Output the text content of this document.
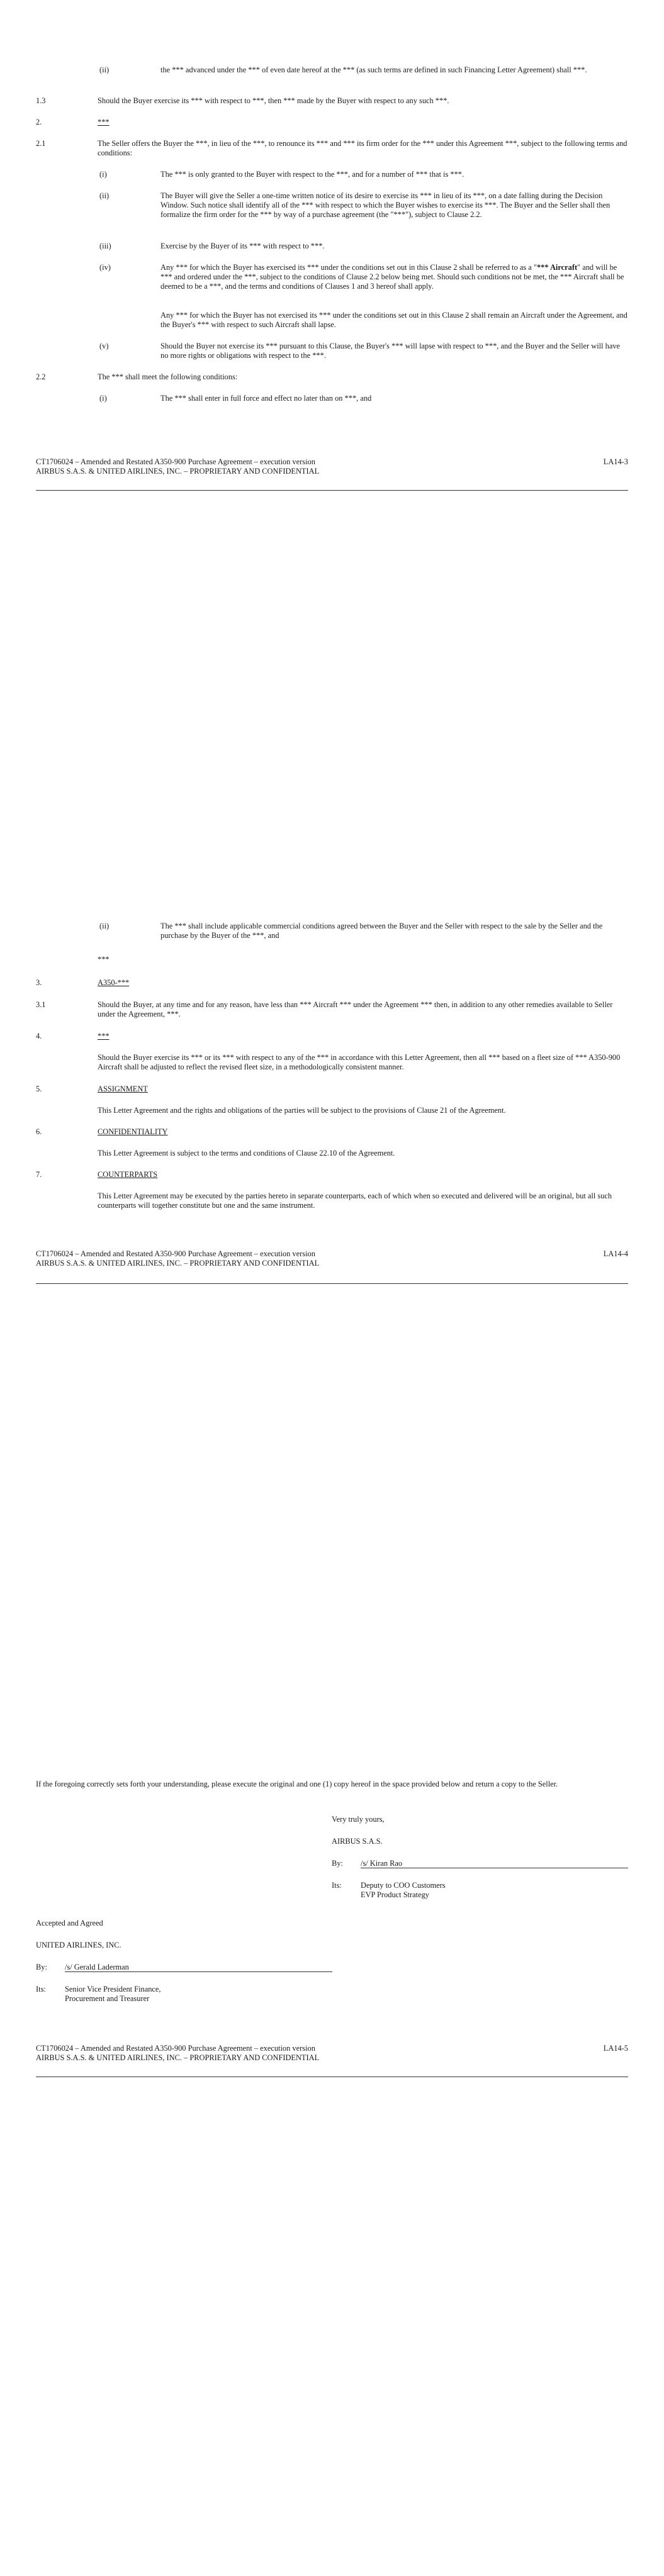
(ii)	the *** advanced under the *** of even date hereof at the *** (as such terms are defined in such Financing Letter Agreement) shall ***.
1.3	Should the Buyer exercise its *** with respect to ***, then *** made by the Buyer with respect to any such ***.
2.	***
2.1	The Seller offers the Buyer the ***, in lieu of the ***, to renounce its *** and *** its firm order for the *** under this Agreement ***, subject to the following terms and conditions:
(i)	The *** is only granted to the Buyer with respect to the ***, and for a number of *** that is ***.
(ii)	The Buyer will give the Seller a one-time written notice of its desire to exercise its *** in lieu of its ***, on a date falling during the Decision Window. Such notice shall identify all of the *** with respect to which the Buyer wishes to exercise its ***. The Buyer and the Seller shall then formalize the firm order for the *** by way of a purchase agreement (the "***"), subject to Clause 2.2.
(iii)	Exercise by the Buyer of its *** with respect to ***.
(iv)	Any *** for which the Buyer has exercised its *** under the conditions set out in this Clause 2 shall be referred to as a "*** Aircraft" and will be *** and ordered under the ***, subject to the conditions of Clause 2.2 below being met. Should such conditions not be met, the *** Aircraft shall be deemed to be a ***, and the terms and conditions of Clauses 1 and 3 hereof shall apply.
Any *** for which the Buyer has not exercised its *** under the conditions set out in this Clause 2 shall remain an Aircraft under the Agreement, and the Buyer's *** with respect to such Aircraft shall lapse.
(v)	Should the Buyer not exercise its *** pursuant to this Clause, the Buyer's *** will lapse with respect to ***, and the Buyer and the Seller will have no more rights or obligations with respect to the ***.
2.2	The *** shall meet the following conditions:
(i)	The *** shall enter in full force and effect no later than on ***, and
CT1706024 – Amended and Restated A350-900 Purchase Agreement – execution version
AIRBUS S.A.S. & UNITED AIRLINES, INC. – PROPRIETARY AND CONFIDENTIAL
LA14-3
(ii)	The *** shall include applicable commercial conditions agreed between the Buyer and the Seller with respect to the sale by the Seller and the purchase by the Buyer of the ***, and
***
3.	A350-***
3.1	Should the Buyer, at any time and for any reason, have less than *** Aircraft *** under the Agreement *** then, in addition to any other remedies available to Seller under the Agreement, ***.
4.	***
Should the Buyer exercise its *** or its *** with respect to any of the *** in accordance with this Letter Agreement, then all *** based on a fleet size of *** A350-900 Aircraft shall be adjusted to reflect the revised fleet size, in a methodologically consistent manner.
5.	ASSIGNMENT
This Letter Agreement and the rights and obligations of the parties will be subject to the provisions of Clause 21 of the Agreement.
6.	CONFIDENTIALITY
This Letter Agreement is subject to the terms and conditions of Clause 22.10 of the Agreement.
7.	COUNTERPARTS
This Letter Agreement may be executed by the parties hereto in separate counterparts, each of which when so executed and delivered will be an original, but all such counterparts will together constitute but one and the same instrument.
CT1706024 – Amended and Restated A350-900 Purchase Agreement – execution version
AIRBUS S.A.S. & UNITED AIRLINES, INC. – PROPRIETARY AND CONFIDENTIAL
LA14-4
If the foregoing correctly sets forth your understanding, please execute the original and one (1) copy hereof in the space provided below and return a copy to the Seller.
Very truly yours,
AIRBUS S.A.S.
By: /s/ Kiran Rao
Its: Deputy to COO Customers
EVP Product Strategy
Accepted and Agreed
UNITED AIRLINES, INC.
By: /s/ Gerald Laderman
Its: Senior Vice President Finance,
Procurement and Treasurer
CT1706024 – Amended and Restated A350-900 Purchase Agreement – execution version
AIRBUS S.A.S. & UNITED AIRLINES, INC. – PROPRIETARY AND CONFIDENTIAL
LA14-5
